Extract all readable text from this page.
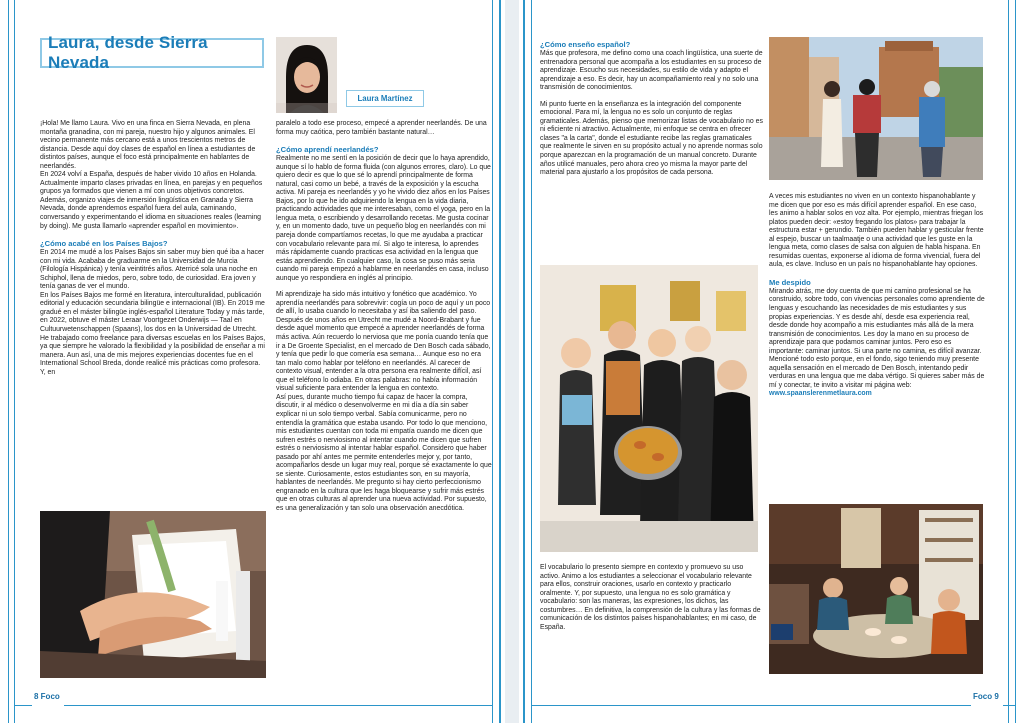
Laura, desde Sierra Nevada
Laura Martínez

¡Hola! Me llamo Laura. Vivo en una finca en Sierra Nevada, en plena montaña granadina, con mi pareja, nuestro hijo y algunos animales. El vecino permanente más cercano está a unos trescientos metros de distancia. Desde aquí doy clases de español en línea a estudiantes de distintos países, aunque el foco está principalmente en hablantes de neerlandés.

En 2024 volví a España, después de haber vivido 10 años en Holanda. Actualmente imparto clases privadas en línea, en parejas y en pequeños grupos ya formados que vienen a mí con unos objetivos concretos. Además, organizo viajes de inmersión lingüística en Granada y Sierra Nevada, donde aprendemos español fuera del aula, caminando, conversando y experimentando el idioma en situaciones reales (learning by doing). Me gusta llamarlo «aprender español en movimiento».

¿Cómo acabé en los Países Bajos?

En 2014 me mudé a los Países Bajos sin saber muy bien qué iba a hacer con mi vida. Acababa de graduarme en la Universidad de Murcia (Filología Hispánica) y tenía veintitrés años. Aterricé sola una noche en Schiphol, llena de miedos, pero, sobre todo, de curiosidad. Era joven y tenía ganas de ver el mundo.

En los Países Bajos me formé en literatura, interculturalidad, publicación editorial y educación secundaria bilingüe e internacional (IB). En 2019 me gradué en el máster bilingüe inglés-español Literature Today y más tarde, en 2022, obtuve el máster Leraar Voortgezet Onderwijs — Taal en Cultuurwetenschappen (Spaans), los dos en la Universidad de Utrecht.

He trabajado como freelance para diversas escuelas en los Países Bajos, ya que siempre he valorado la flexibilidad y la posibilidad de enseñar a mi manera. Aun así, una de mis mejores experiencias docentes fue en el International School Breda, donde realicé mis prácticas como profesora. Y, en

paralelo a todo ese proceso, empecé a aprender neerlandés. De una forma muy caótica, pero también bastante natural…

¿Cómo aprendí neerlandés?

Realmente no me sentí en la posición de decir que lo haya aprendido, aunque sí lo hablo de forma fluida (con algunos errores, claro). Lo que quiero decir es que lo que sé lo aprendí principalmente de forma natural, casi como un bebé, a través de la exposición y la escucha activa. Mi pareja es neerlandés y yo he vivido diez años en los Países Bajos, por lo que he ido adquiriendo la lengua en la vida diaria, practicando actividades que me interesaban, como el yoga, pero en la lengua meta, o escribiendo y desarrollando recetas. Me gusta cocinar y, en un momento dado, tuve un pequeño blog en neerlandés con mi pareja donde compartíamos recetas, lo que me ayudaba a practicar con vocabulario relevante para mí. Si algo te interesa, lo aprendes más rápidamente cuando practicas esa actividad en la lengua que estás aprendiendo. En cualquier caso, la cosa se puso más seria cuando mi pareja empezó a hablarme en neerlandés en casa, incluso aunque yo respondiera en inglés al principio.

Mi aprendizaje ha sido más intuitivo y fonético que académico. Yo aprendía neerlandés para sobrevivir: cogía un poco de aquí y un poco de allí, lo usaba cuando lo necesitaba y así iba saliendo del paso. Después de unos años en Utrecht me mudé a Noord-Brabant y fue desde aquel momento que empecé a aprender neerlandés de forma más activa. Aún recuerdo lo nerviosa que me ponía cuando tenía que ir a De Groente Specialist, en el mercado de Den Bosch cada sábado, y tenía que pedir lo que comería esa semana… Aunque eso no era tan malo como hablar por teléfono en neerlandés. Al carecer de contexto visual, entender a la otra persona era realmente difícil, así que el teléfono lo odiaba. En otras palabras: no había información visual suficiente para entender la lengua en contexto.

Así pues, durante mucho tiempo fui capaz de hacer la compra, discutir, ir al médico o desenvolverme en mi día a día sin saber explicar ni un solo tiempo verbal. Sabía comunicarme, pero no entendía la gramática que estaba usando. Por todo lo que menciono, mis estudiantes cuentan con toda mi empatía cuando me dicen que sufren estrés o nerviosismo al intentar cuando me dicen que sufren estrés o nerviosismo al intentar hablar español. Considero que haber pasado por ahí antes me permite entenderles mejor y, por tanto, acompañarlos desde un lugar muy real, porque sé exactamente lo que se siente. Curiosamente, estos estudiantes son, en su mayoría, hablantes de neerlandés. Me pregunto si hay cierto perfeccionismo engranado en la cultura que les haga bloquearse y sufrir más estrés que en otras culturas al aprender una nueva actividad. Por supuesto, es una generalización y tan solo una observación anecdótica.

8 Foco
¿Cómo enseño español?

Más que profesora, me defino como una coach lingüística, una suerte de entrenadora personal que acompaña a los estudiantes en su proceso de aprendizaje. Escucho sus necesidades, su estilo de vida y adapto el aprendizaje a eso. Es decir, hay un acompañamiento real y no solo una transmisión de conocimientos.

Mi punto fuerte en la enseñanza es la integración del componente emocional. Para mí, la lengua no es solo un conjunto de reglas gramaticales. Además, pienso que memorizar listas de vocabulario no es ni eficiente ni atractivo. Actualmente, mi enfoque se centra en ofrecer clases "a la carta", donde el estudiante recibe las reglas gramaticales que realmente le sirven en su propósito actual y no aprende normas solo porque aparezcan en la programación de un manual concreto. Durante años utilicé manuales, pero ahora creo yo misma la mayor parte del material para ajustarlo a los propósitos de cada persona.

El vocabulario lo presento siempre en contexto y promuevo su uso activo. Animo a los estudiantes a seleccionar el vocabulario relevante para ellos, construir oraciones, usarlo en contexto y practicarlo oralmente. Y, por supuesto, una lengua no es solo gramática y vocabulario: son las maneras, las expresiones, los dichos, las costumbres… En definitiva, la comprensión de la cultura y las formas de comunicación de los distintos países hispanohablantes; en mi caso, de España.

A veces mis estudiantes no viven en un contexto hispanohablante y me dicen que por eso es más difícil aprender español. En ese caso, les animo a hablar solos en voz alta. Por ejemplo, mientras friegan los platos pueden decir: «estoy fregando los platos» para trabajar la estructura estar + gerundio. También pueden hablar y gesticular frente al espejo, buscar un taalmaatje o una actividad que les guste en la lengua meta, como clases de salsa con alguien de habla hispana. En resumidas cuentas, exponerse al idioma de forma vivencial, fuera del aula, es clave. Incluso en un país no hispanohablante hay opciones.

Me despido

Mirando atrás, me doy cuenta de que mi camino profesional se ha construido, sobre todo, con vivencias personales como aprendiente de lenguas y escuchando las necesidades de mis estudiantes y sus propias experiencias. Y es desde ahí, desde esa experiencia real, desde donde hoy acompaño a mis estudiantes más allá de la mera transmisión de conocimientos. Les doy la mano en su proceso de aprendizaje para que podamos caminar juntos. Pero eso es importante: caminar juntos. Si una parte no camina, es difícil avanzar.

Mencioné todo esto porque, en el fondo, sigo teniendo muy presente aquella sensación en el mercado de Den Bosch, intentando pedir verduras en una lengua que me daba vértigo. Si quieres saber más de mí y conectar, te invito a visitar mi página web: www.spaanslerenmetlaura.com

Foco 9
